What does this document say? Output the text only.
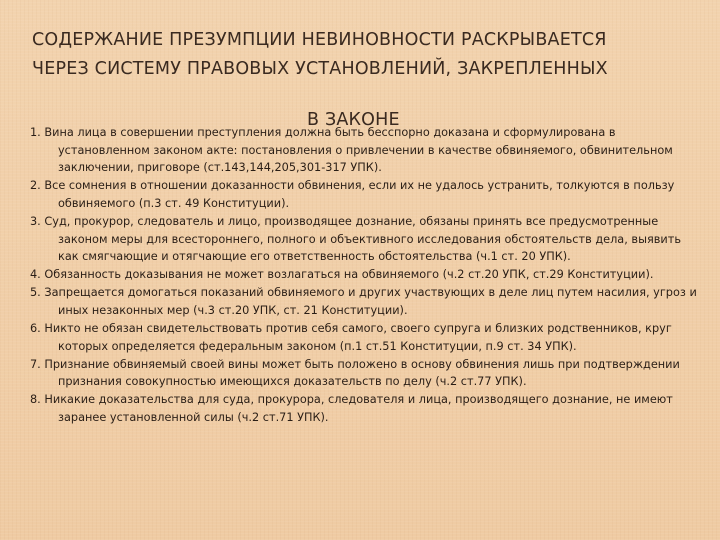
СОДЕРЖАНИЕ ПРЕЗУМПЦИИ НЕВИНОВНОСТИ РАСКРЫВАЕТСЯ
ЧЕРЕЗ СИСТЕМУ ПРАВОВЫХ УСТАНОВЛЕНИЙ, ЗАКРЕПЛЕННЫХ
В ЗАКОНЕ
1. Вина лица в совершении преступления должна быть бесспорно доказана и сформулирована в установленном законом акте: постановления о привлечении в качестве обвиняемого, обвинительном заключении, приговоре (ст.143,144,205,301-317 УПК).
2. Все сомнения в отношении доказанности обвинения, если их не удалось устранить, толкуются в пользу обвиняемого (п.3 ст. 49 Конституции).
3. Суд, прокурор, следователь и лицо, производящее дознание, обязаны принять все предусмотренные законом меры для всестороннего, полного и объективного исследования обстоятельств дела, выявить как смягчающие и отягчающие его ответственность обстоятельства (ч.1 ст. 20 УПК).
4. Обязанность доказывания не может возлагаться на обвиняемого (ч.2 ст.20 УПК, ст.29 Конституции).
5. Запрещается домогаться показаний обвиняемого и других участвующих в деле лиц путем насилия, угроз и иных незаконных мер (ч.3 ст.20 УПК, ст. 21 Конституции).
6. Никто не обязан свидетельствовать против себя самого, своего супруга и близких родственников, круг которых определяется федеральным законом (п.1 ст.51 Конституции, п.9 ст. 34 УПК).
7. Признание обвиняемый своей вины может быть положено в основу обвинения лишь при подтверждении признания совокупностью имеющихся доказательств по делу (ч.2 ст.77 УПК).
8. Никакие доказательства для суда, прокурора, следователя и лица, производящего дознание, не имеют заранее установленной силы (ч.2 ст.71 УПК).
